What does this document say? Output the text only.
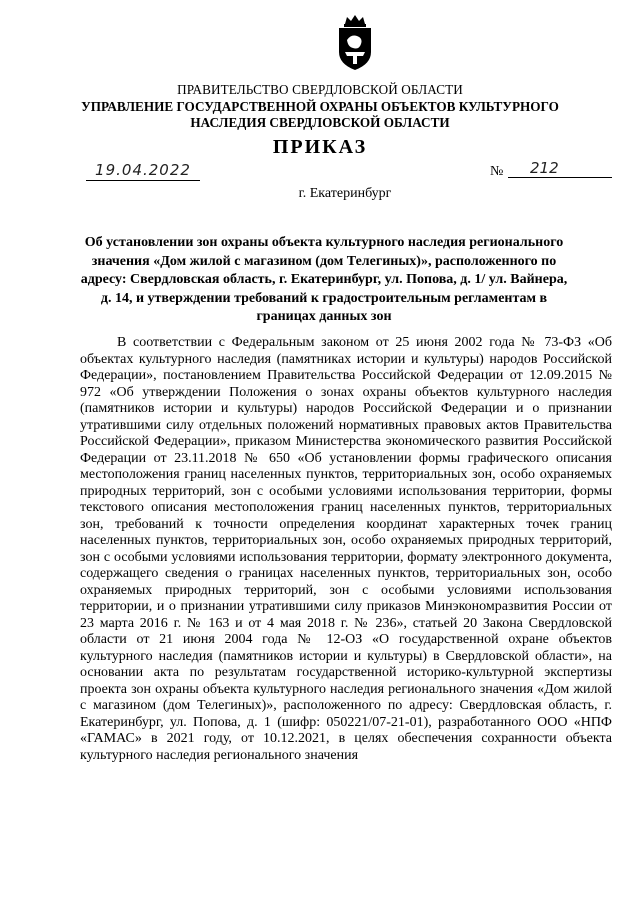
ПРАВИТЕЛЬСТВО СВЕРДЛОВСКОЙ ОБЛАСТИ

УПРАВЛЕНИЕ ГОСУДАРСТВЕННОЙ ОХРАНЫ ОБЪЕКТОВ КУЛЬТУРНОГО НАСЛЕДИЯ СВЕРДЛОВСКОЙ ОБЛАСТИ

ПРИКАЗ

19.04.2022	№	212

г. Екатеринбург

Об установлении зон охраны объекта культурного наследия регионального значения «Дом жилой с магазином (дом Телегиных)», расположенного по адресу: Свердловская область, г. Екатеринбург, ул. Попова, д. 1/ ул. Вайнера, д. 14, и утверждении требований к градостроительным регламентам в границах данных зон

В соответствии с Федеральным законом от 25 июня 2002 года № 73-ФЗ «Об объектах культурного наследия (памятниках истории и культуры) народов Российской Федерации», постановлением Правительства Российской Федерации от 12.09.2015 № 972 «Об утверждении Положения о зонах охраны объектов культурного наследия (памятников истории и культуры) народов Российской Федерации и о признании утратившими силу отдельных положений нормативных правовых актов Правительства Российской Федерации», приказом Министерства экономического развития Российской Федерации от 23.11.2018 № 650 «Об установлении формы графического описания местоположения границ населенных пунктов, территориальных зон, особо охраняемых природных территорий, зон с особыми условиями использования территории, формы текстового описания местоположения границ населенных пунктов, территориальных зон, требований к точности определения координат характерных точек границ населенных пунктов, территориальных зон, особо охраняемых природных территорий, зон с особыми условиями использования территории, формату электронного документа, содержащего сведения о границах населенных пунктов, территориальных зон, особо охраняемых природных территорий, зон с особыми условиями использования территории, и о признании утратившими силу приказов Минэкономразвития России от 23 марта 2016 г. № 163 и от 4 мая 2018 г. № 236», статьей 20 Закона Свердловской области от 21 июня 2004 года № 12-ОЗ «О государственной охране объектов культурного наследия (памятников истории и культуры) в Свердловской области», на основании акта по результатам государственной историко-культурной экспертизы проекта зон охраны объекта культурного наследия регионального значения «Дом жилой с магазином (дом Телегиных)», расположенного по адресу: Свердловская область, г. Екатеринбург, ул. Попова, д. 1 (шифр: 050221/07-21-01), разработанного ООО «НПФ «ГАМАС» в 2021 году, от 10.12.2021, в целях обеспечения сохранности объекта культурного наследия регионального значения
